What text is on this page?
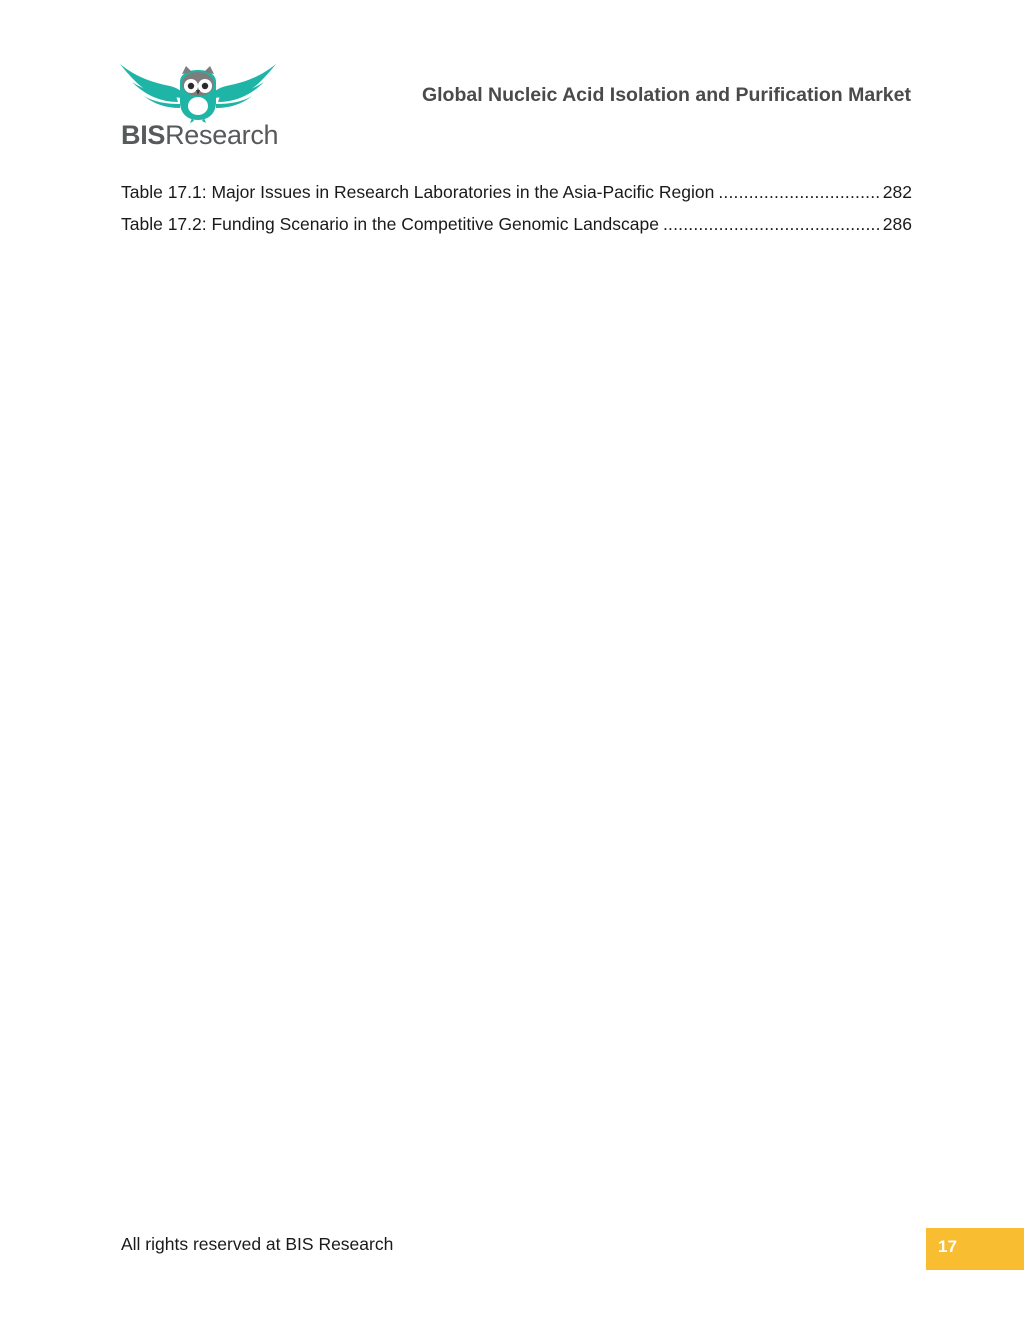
BISResearch
Global Nucleic Acid Isolation and Purification Market
Table 17.1: Major Issues in Research Laboratories in the Asia-Pacific Region .....	282
Table 17.2: Funding Scenario in the Competitive Genomic Landscape .....	286
All rights reserved at BIS Research	17
